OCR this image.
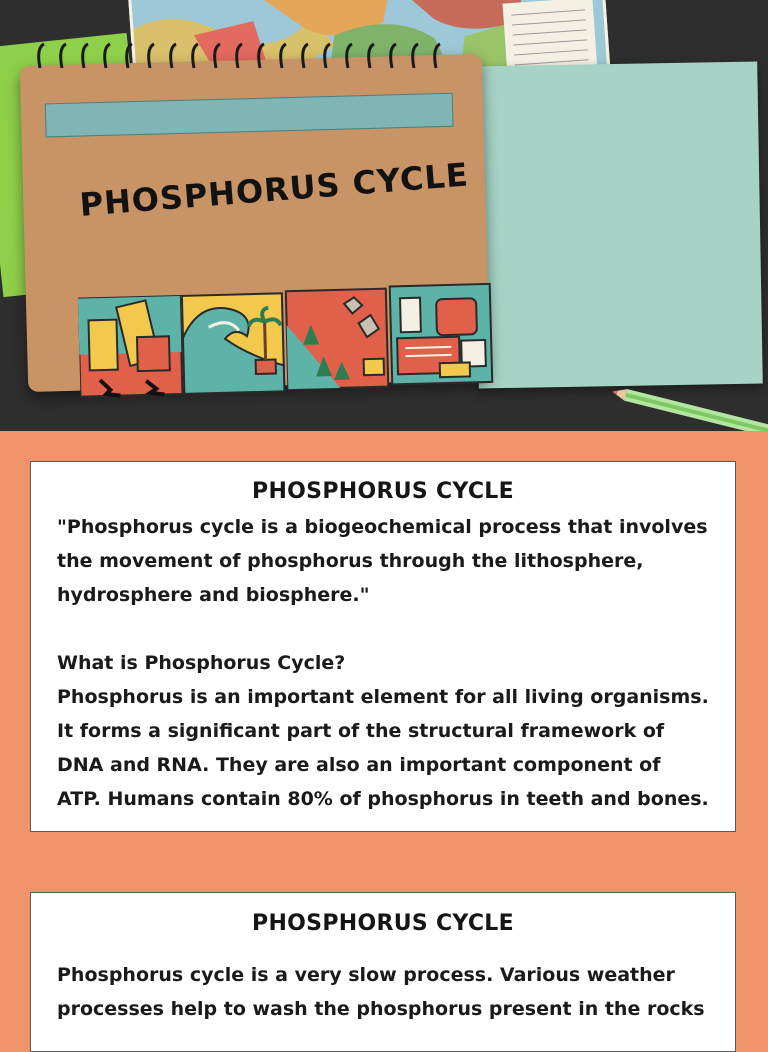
PHOSPHORUS CYCLE
PHOSPHORUS CYCLE

"Phosphorus cycle is a biogeochemical process that involves the movement of phosphorus through the lithosphere, hydrosphere and biosphere."

What is Phosphorus Cycle?

Phosphorus is an important element for all living organisms. It forms a significant part of the structural framework of DNA and RNA. They are also an important component of ATP. Humans contain 80% of phosphorus in teeth and bones.

PHOSPHORUS CYCLE

Phosphorus cycle is a very slow process. Various weather processes help to wash the phosphorus present in the rocks
